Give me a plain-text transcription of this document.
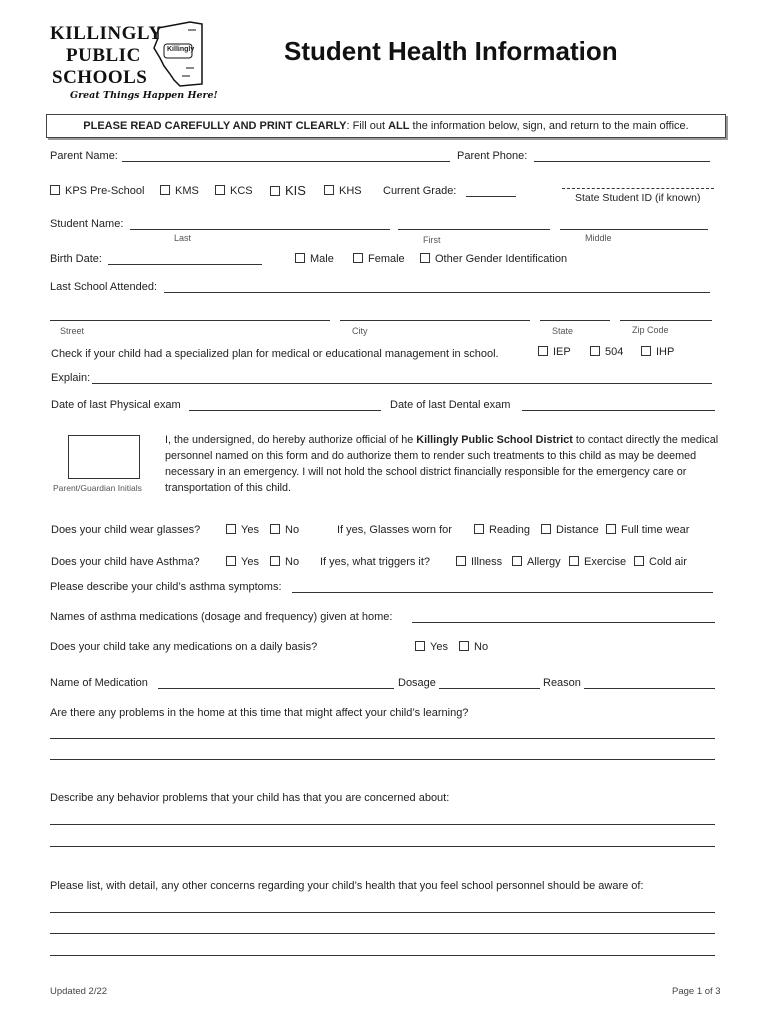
KILLINGLY
PUBLIC
SCHOOLS
Killingly
Great Things Happen Here!
Student Health Information
PLEASE READ CAREFULLY AND PRINT CLEARLY: Fill out ALL the information below, sign, and return to the main office.
Parent Name:	Parent Phone:
KPS Pre-School	KMS	KCS	KIS	KHS Current Grade:
State Student ID (if known)
Student Name:
Last	First	Middle
Birth Date:	Male	Female	Other Gender Identification
Last School Attended:
Street	City	State	Zip Code
Check if your child had a specialized plan for medical or educational management in school.	IEP	504	IHP
Explain:
Date of last Physical exam	Date of last Dental exam
Parent/Guardian Initials
I, the undersigned, do hereby authorize official of he Killingly Public School District to contact directly the medical personnel named on this form and do authorize them to render such treatments to this child as may be deemed necessary in an emergency. I will not hold the school district financially responsible for the emergency care or transportation of this child.
Does your child wear glasses?	Yes	No	If yes, Glasses worn for	Reading	Distance	Full time wear
Does your child have Asthma?	Yes	No If yes, what triggers it?	Illness	Allergy	Exercise	Cold air
Please describe your child’s asthma symptoms:
Names of asthma medications (dosage and frequency) given at home:
Does your child take any medications on a daily basis?	Yes	No
Name of Medication	Dosage	Reason
Are there any problems in the home at this time that might affect your child’s learning?
Describe any behavior problems that your child has that you are concerned about:
Please list, with detail, any other concerns regarding your child’s health that you feel school personnel should be aware of:
Updated 2/22	Page 1 of 3
